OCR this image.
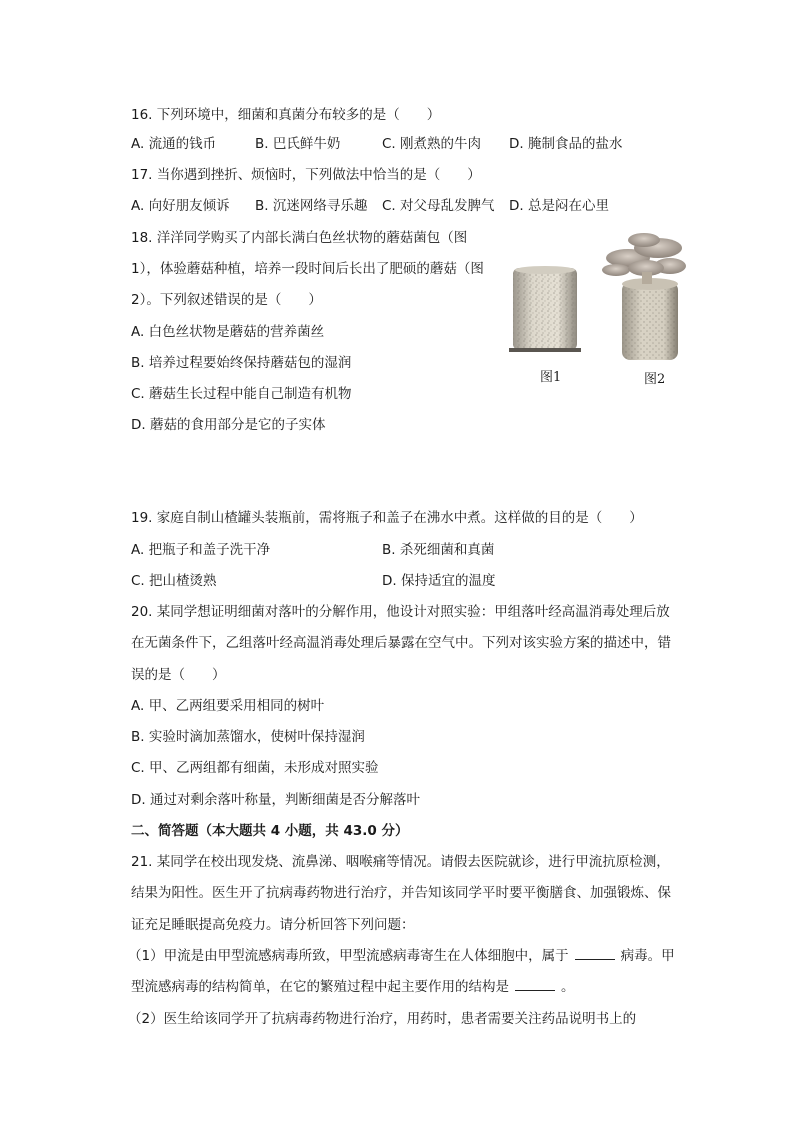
16. 下列环境中，细菌和真菌分布较多的是（　　）
A. 流通的钱币	B. 巴氏鲜牛奶	C. 刚煮熟的牛肉 D. 腌制食品的盐水
17. 当你遇到挫折、烦恼时，下列做法中恰当的是（　　）
A. 向好朋友倾诉 B. 沉迷网络寻乐趣 C. 对父母乱发脾气 D. 总是闷在心里
18. 洋洋同学购买了内部长满白色丝状物的蘑菇菌包（图
1），体验蘑菇种植，培养一段时间后长出了肥硕的蘑菇（图
2）。下列叙述错误的是（　　）
A. 白色丝状物是蘑菇的营养菌丝
B. 培养过程要始终保持蘑菇包的湿润
C. 蘑菇生长过程中能自己制造有机物
D. 蘑菇的食用部分是它的子实体
图1	图2
19. 家庭自制山楂罐头装瓶前，需将瓶子和盖子在沸水中煮。这样做的目的是（　　）
A. 把瓶子和盖子洗干净	B. 杀死细菌和真菌
C. 把山楂烫熟	D. 保持适宜的温度
20. 某同学想证明细菌对落叶的分解作用，他设计对照实验：甲组落叶经高温消毒处理后放
在无菌条件下，乙组落叶经高温消毒处理后暴露在空气中。下列对该实验方案的描述中，错
误的是（　　）
A. 甲、乙两组要采用相同的树叶
B. 实验时滴加蒸馏水，使树叶保持湿润
C. 甲、乙两组都有细菌，未形成对照实验
D. 通过对剩余落叶称量，判断细菌是否分解落叶
二、简答题（本大题共 4 小题，共 43.0 分）
21. 某同学在校出现发烧、流鼻涕、咽喉痛等情况。请假去医院就诊，进行甲流抗原检测，
结果为阳性。医生开了抗病毒药物进行治疗，并告知该同学平时要平衡膳食、加强锻炼、保
证充足睡眠提高免疫力。请分析回答下列问题：
（1）甲流是由甲型流感病毒所致，甲型流感病毒寄生在人体细胞中，属于	病毒。甲
型流感病毒的结构简单，在它的繁殖过程中起主要作用的结构是	。
（2）医生给该同学开了抗病毒药物进行治疗，用药时，患者需要关注药品说明书上的
